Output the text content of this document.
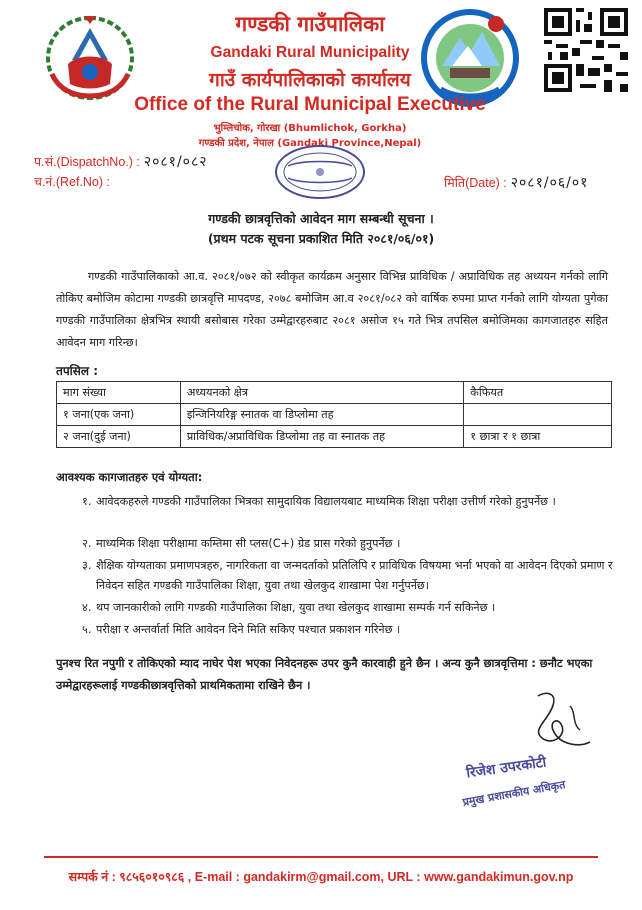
गण्डकी गाउँपालिका
Gandaki Rural Municipality
गाउँ कार्यपालिकाको कार्यालय
Office of the Rural Municipal Executive
भुम्लिचोक, गोरखा (Bhumlichok, Gorkha)
गण्डकी प्रदेश, नेपाल (Gandaki Province,Nepal)
प.सं.(DispatchNo.) : २०८१/०८२
च.नं.(Ref.No) :	मिति(Date) : २०८१/०६/०१
गण्डकी छात्रवृत्तिको आवेदन माग सम्बन्धी सूचना ।
(प्रथम पटक सूचना प्रकाशित मिति २०८१/०६/०१)
गण्डकी गाउँपालिकाको आ.व. २०८१/०७२ को स्वीकृत कार्यक्रम अनुसार विभिन्न प्राविधिक / अप्राविधिक तह अध्ययन गर्नको लागि तोकिए बमोजिम कोटामा गण्डकी छात्रवृत्ति मापदण्ड, २०७८ बमोजिम आ.व २०८१/०८२ को वार्षिक रुपमा प्राप्त गर्नको लागि योग्यता पुगेका गण्डकी गाउँपालिका क्षेत्रभित्र स्थायी बसोबास गरेका उम्मेद्वारहरुबाट २०८१ असोज १५ गते भित्र तपसिल बमोजिमका कागजातहरु सहित आवेदन माग गरिन्छ।
तपसिल :
माग संख्या	अध्ययनको क्षेत्र	कैफियत
१ जना(एक जना)	इन्जिनियरिङ्ग स्नातक वा डिप्लोमा तह	
२ जना(दुई जना)	प्राविधिक/अप्राविधिक डिप्लोमा तह वा स्नातक तह	१ छात्रा र १ छात्रा
आवश्यक कागजातहरु एवं योग्यता:
१. आवेदकहरुले गण्डकी गाउँपालिका भित्रका सामुदायिक विद्यालयबाट माध्यमिक शिक्षा परीक्षा उत्तीर्ण गरेको हुनुपर्नेछ ।
२. माध्यमिक शिक्षा परीक्षामा कम्तिमा सी प्लस(C+) ग्रेड प्रास गरेको हुनुपर्नेछ ।
३. शैक्षिक योग्यताका प्रमाणपत्रहरु, नागरिकता वा जन्मदर्ताको प्रतिलिपि र प्राविधिक विषयमा भर्ना भएको वा आवेदन दिएको प्रमाण र निवेदन सहित गण्डकी गाउँपालिका शिक्षा, युवा तथा खेलकुद शाखामा पेश गर्नुपर्नेछ।
४. थप जानकारीको लागि गण्डकी गाउँपालिका शिक्षा, युवा तथा खेलकुद शाखामा सम्पर्क गर्न सकिनेछ ।
५. परीक्षा र अन्तर्वार्ता मिति आवेदन दिने मिति सकिए पश्चात प्रकाशन गरिनेछ ।
पुनश्च रित नपुगी र तोकिएको म्याद नाघेर पेश भएका निवेदनहरू उपर कुनै कारवाही हुने छैन । अन्य कुनै छात्रवृत्तिमा : छनौट भएका उम्मेद्वारहरूलाई गण्डकीछात्रवृत्तिको प्राथमिकतामा राखिने छैन ।
रिजेश उपरकोटी
प्रमुख प्रशासकीय अधिकृत
सम्पर्क नं : ९८५६०१०९८६ , E-mail : gandakirm@gmail.com, URL : www.gandakimun.gov.np
